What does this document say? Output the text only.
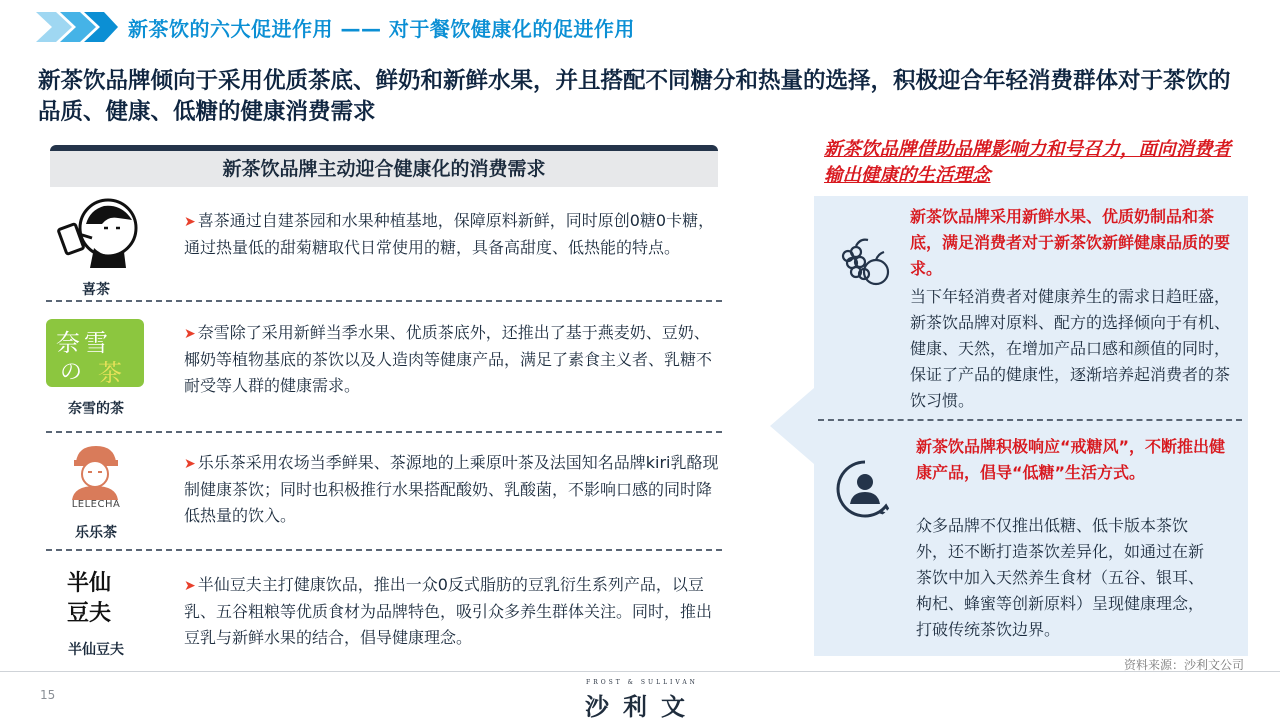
新茶饮的六大促进作用 —— 对于餐饮健康化的促进作用
新茶饮品牌倾向于采用优质茶底、鲜奶和新鲜水果，并且搭配不同糖分和热量的选择，积极迎合年轻消费群体对于茶饮的品质、健康、低糖的健康消费需求
新茶饮品牌主动迎合健康化的消费需求
®
喜茶
➤ 喜茶通过自建茶园和水果种植基地，保障原料新鲜，同时原创0糖0卡糖，通过热量低的甜菊糖取代日常使用的糖，具备高甜度、低热能的特点。
奈雪
の 茶
奈雪的茶
➤ 奈雪除了采用新鲜当季水果、优质茶底外，还推出了基于燕麦奶、豆奶、椰奶等植物基底的茶饮以及人造肉等健康产品，满足了素食主义者、乳糖不耐受等人群的健康需求。
LELECHA
乐乐茶
➤ 乐乐茶采用农场当季鲜果、茶源地的上乘原叶茶及法国知名品牌kiri乳酪现制健康茶饮；同时也积极推行水果搭配酸奶、乳酸菌，不影响口感的同时降低热量的饮入。
半仙豆夫
半仙豆夫
➤ 半仙豆夫主打健康饮品，推出一众0反式脂肪的豆乳衍生系列产品，以豆乳、五谷粗粮等优质食材为品牌特色，吸引众多养生群体关注。同时，推出豆乳与新鲜水果的结合，倡导健康理念。
新茶饮品牌借助品牌影响力和号召力，面向消费者输出健康的生活理念
新茶饮品牌采用新鲜水果、优质奶制品和茶底，满足消费者对于新茶饮新鲜健康品质的要求。
当下年轻消费者对健康养生的需求日趋旺盛，新茶饮品牌对原料、配方的选择倾向于有机、健康、天然，在增加产品口感和颜值的同时，保证了产品的健康性，逐渐培养起消费者的茶饮习惯。
新茶饮品牌积极响应“戒糖风”，不断推出健康产品，倡导“低糖”生活方式。
众多品牌不仅推出低糖、低卡版本茶饮外，还不断打造茶饮差异化，如通过在新茶饮中加入天然养生食材（五谷、银耳、枸杞、蜂蜜等创新原料）呈现健康理念，打破传统茶饮边界。
资料来源：沙利文公司
15
FROST & SULLIVAN
沙利文
